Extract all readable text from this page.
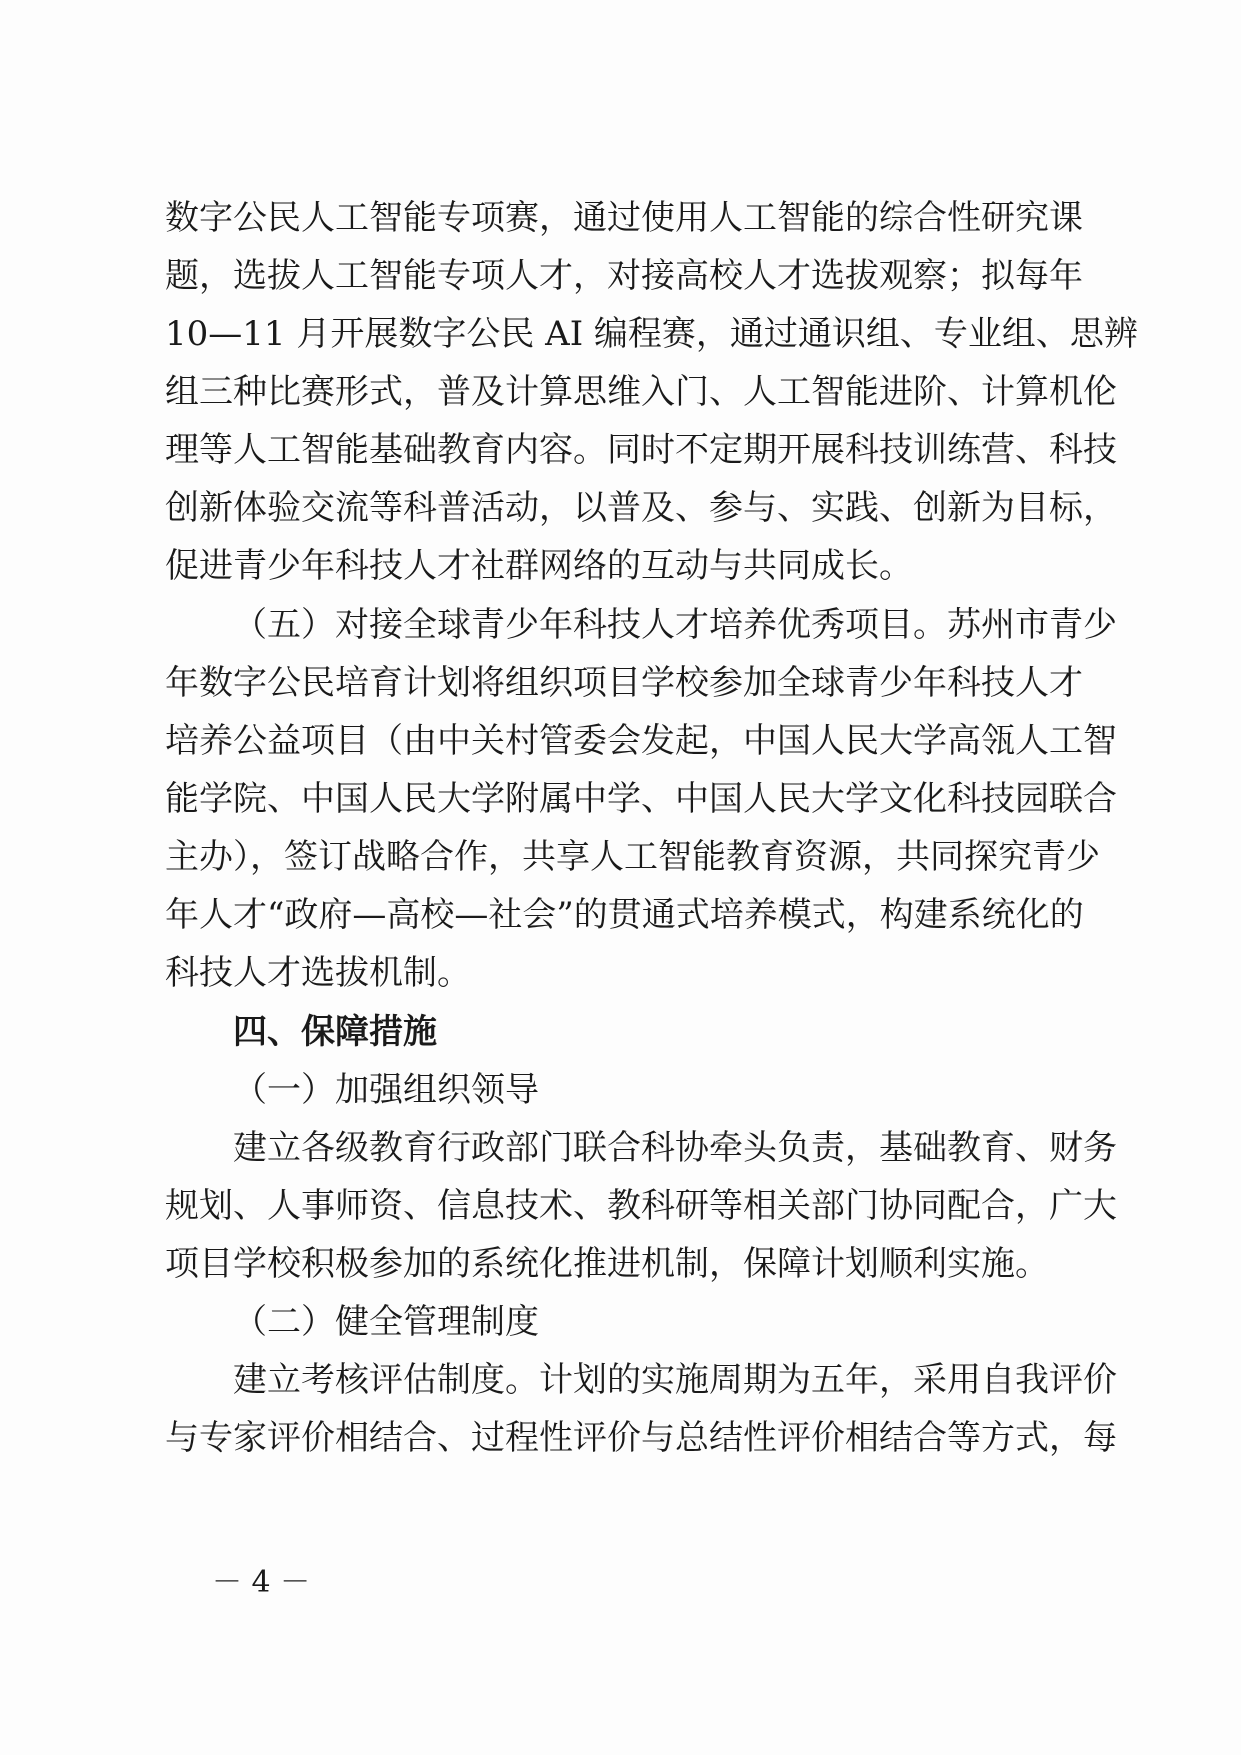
数字公民人工智能专项赛，通过使用人工智能的综合性研究课
题，选拔人工智能专项人才，对接高校人才选拔观察；拟每年
10—11 月开展数字公民 AI 编程赛，通过通识组、专业组、思辨
组三种比赛形式，普及计算思维入门、人工智能进阶、计算机伦
理等人工智能基础教育内容。同时不定期开展科技训练营、科技
创新体验交流等科普活动，以普及、参与、实践、创新为目标，
促进青少年科技人才社群网络的互动与共同成长。
（五）对接全球青少年科技人才培养优秀项目。苏州市青少
年数字公民培育计划将组织项目学校参加全球青少年科技人才
培养公益项目（由中关村管委会发起，中国人民大学高瓴人工智
能学院、中国人民大学附属中学、中国人民大学文化科技园联合
主办），签订战略合作，共享人工智能教育资源，共同探究青少
年人才“政府—高校—社会”的贯通式培养模式，构建系统化的
科技人才选拔机制。
四、保障措施
（一）加强组织领导
建立各级教育行政部门联合科协牵头负责，基础教育、财务
规划、人事师资、信息技术、教科研等相关部门协同配合，广大
项目学校积极参加的系统化推进机制，保障计划顺利实施。
（二）健全管理制度
建立考核评估制度。计划的实施周期为五年，采用自我评价
与专家评价相结合、过程性评价与总结性评价相结合等方式，每
－ 4 －
